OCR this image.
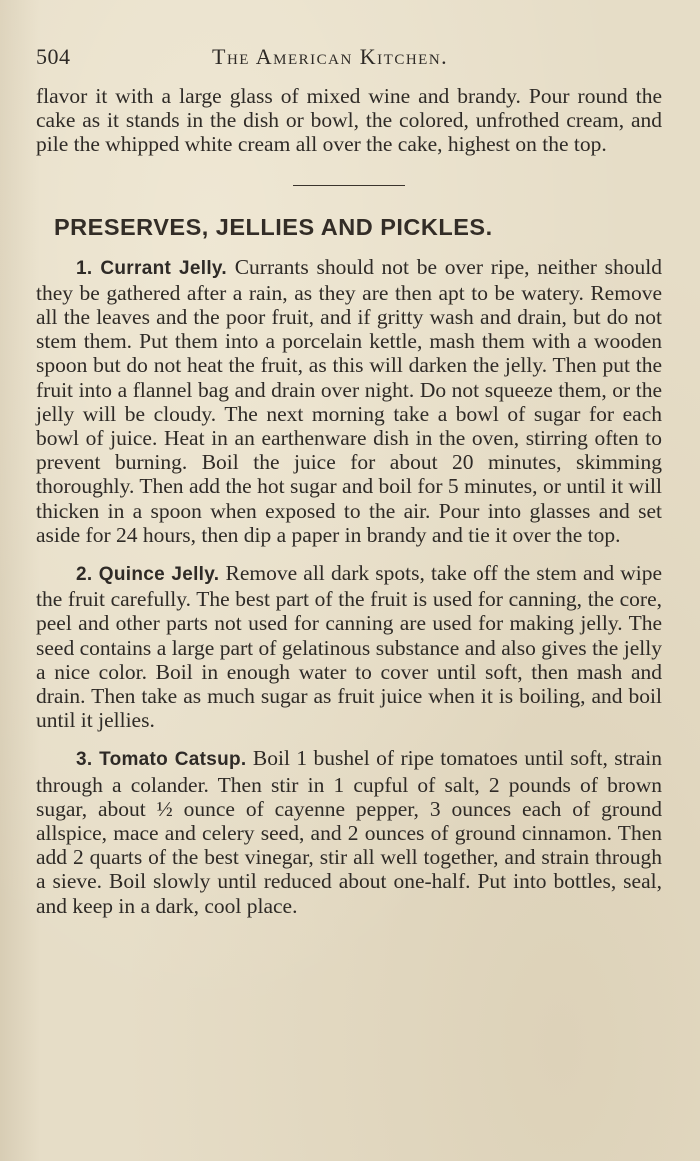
504	The American Kitchen.

flavor it with a large glass of mixed wine and brandy. Pour round the cake as it stands in the dish or bowl, the colored, unfrothed cream, and pile the whipped white cream all over the cake, highest on the top.

PRESERVES, JELLIES AND PICKLES.

1. Currant Jelly. Currants should not be over ripe, neither should they be gathered after a rain, as they are then apt to be watery. Remove all the leaves and the poor fruit, and if gritty wash and drain, but do not stem them. Put them into a porcelain kettle, mash them with a wooden spoon but do not heat the fruit, as this will darken the jelly. Then put the fruit into a flannel bag and drain over night. Do not squeeze them, or the jelly will be cloudy. The next morning take a bowl of sugar for each bowl of juice. Heat in an earthenware dish in the oven, stirring often to prevent burning. Boil the juice for about 20 minutes, skimming thoroughly. Then add the hot sugar and boil for 5 minutes, or until it will thicken in a spoon when exposed to the air. Pour into glasses and set aside for 24 hours, then dip a paper in brandy and tie it over the top.

2. Quince Jelly. Remove all dark spots, take off the stem and wipe the fruit carefully. The best part of the fruit is used for canning, the core, peel and other parts not used for canning are used for making jelly. The seed contains a large part of gelatinous substance and also gives the jelly a nice color. Boil in enough water to cover until soft, then mash and drain. Then take as much sugar as fruit juice when it is boiling, and boil until it jellies.

3. Tomato Catsup. Boil 1 bushel of ripe tomatoes until soft, strain through a colander. Then stir in 1 cupful of salt, 2 pounds of brown sugar, about ½ ounce of cayenne pepper, 3 ounces each of ground allspice, mace and celery seed, and 2 ounces of ground cinnamon. Then add 2 quarts of the best vinegar, stir all well together, and strain through a sieve. Boil slowly until reduced about one-half. Put into bottles, seal, and keep in a dark, cool place.
